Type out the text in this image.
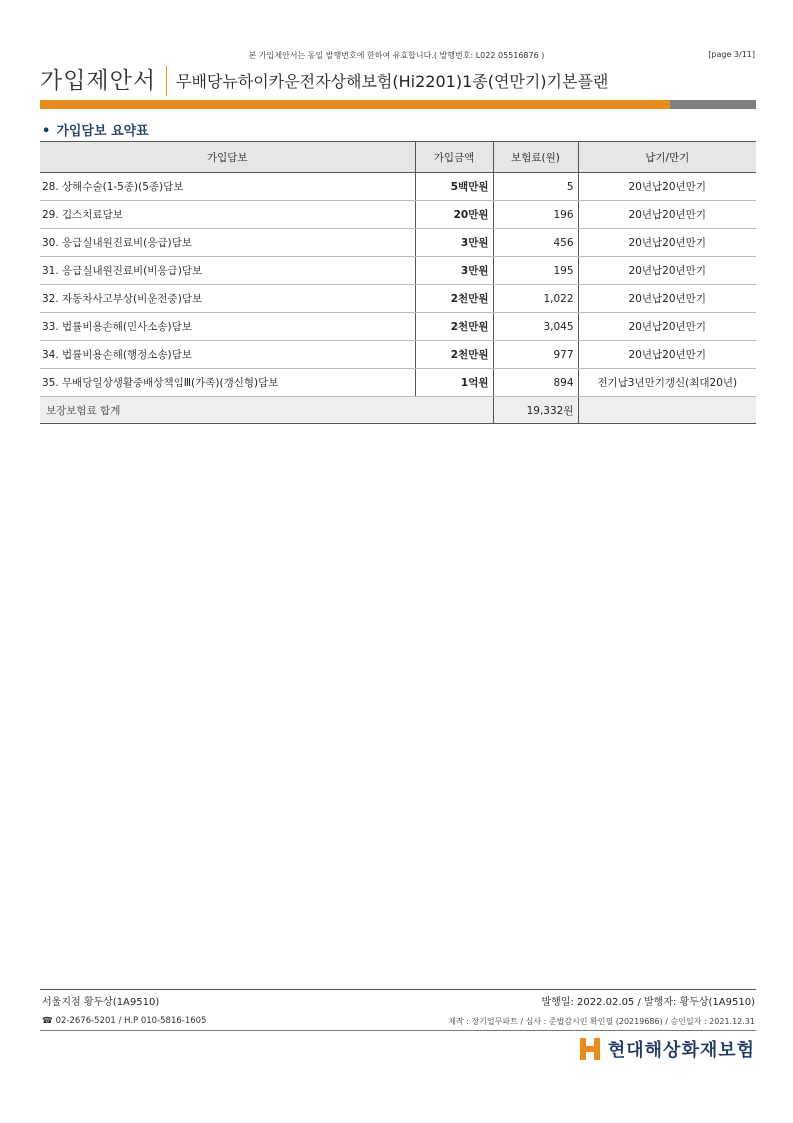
본 가입제안서는 동일 발행번호에 한하여 유효합니다.( 발행번호: L022 05516876 )	[page 3/11]
가입제안서 무배당뉴하이카운전자상해보험(Hi2201)1종(연만기)기본플랜
• 가입담보 요약표
가입담보	가입금액	보험료(원)	납기/만기
28. 상해수술(1-5종)(5종)담보	5백만원	5	20년납20년만기
29. 깁스치료담보	20만원	196	20년납20년만기
30. 응급실내원진료비(응급)담보	3만원	456	20년납20년만기
31. 응급실내원진료비(비응급)담보	3만원	195	20년납20년만기
32. 자동차사고부상(비운전중)담보	2천만원	1,022	20년납20년만기
33. 법률비용손해(민사소송)담보	2천만원	3,045	20년납20년만기
34. 법률비용손해(행정소송)담보	2천만원	977	20년납20년만기
35. 무배당일상생활중배상책임Ⅲ(가족)(갱신형)담보	1억원	894	전기납3년만기갱신(최대20년)
보장보험료 합계		19,332원	
서울지점 황두상(1A9510)	발행일: 2022.02.05 / 발행자: 황두상(1A9510)
☎ 02-2676-5201 / H.P 010-5816-1605	제작 : 장기업무파트 / 심사 : 준법감시인 확인필 (20219686) / 승인일자 : 2021.12.31
현대해상화재보험
